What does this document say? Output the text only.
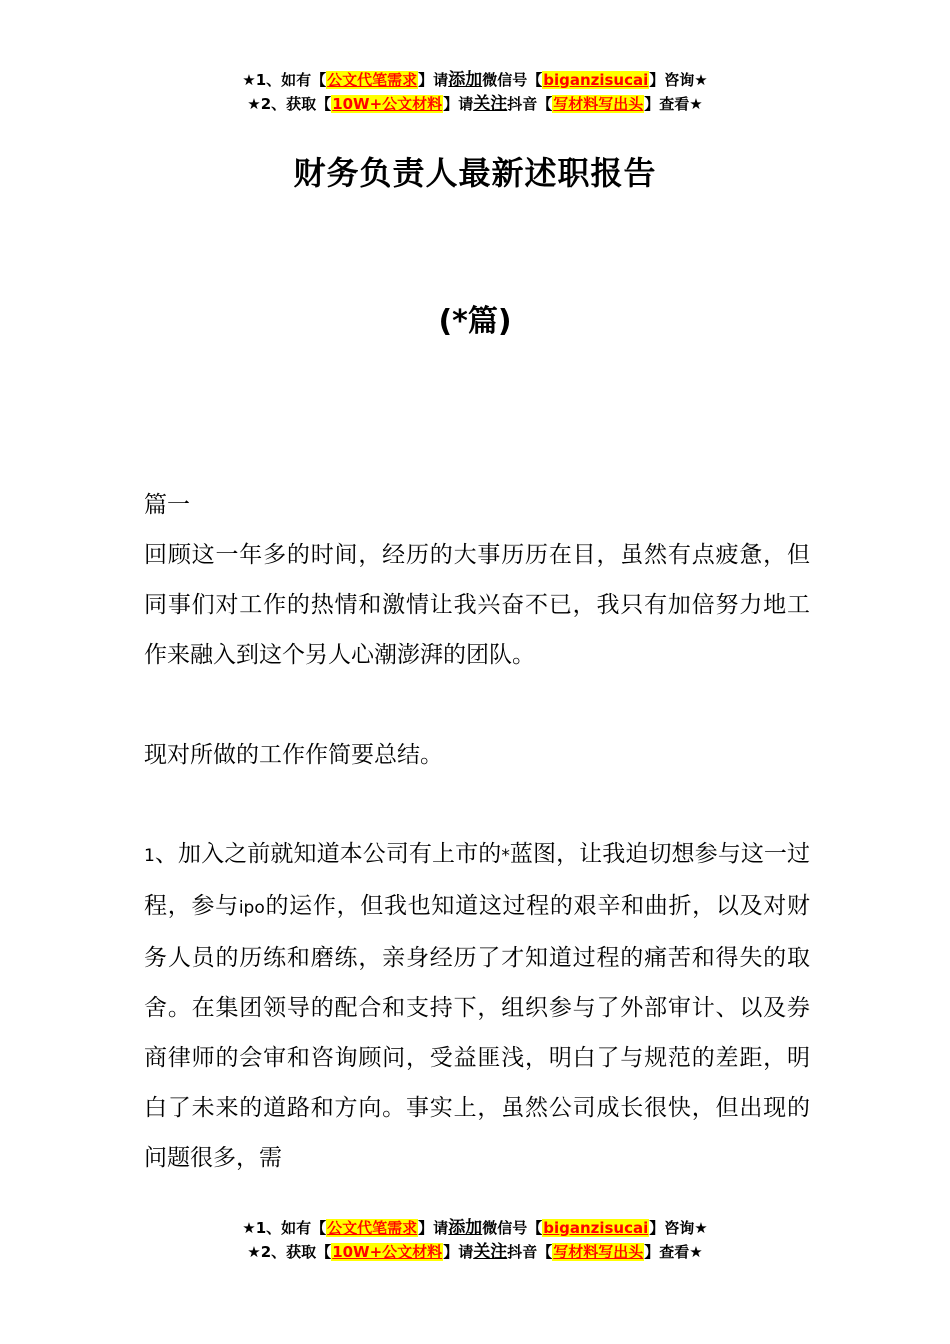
★1、如有【公文代笔需求】请添加微信号【biganzisucai】咨询★
★2、获取【10W+公文材料】请关注抖音【写材料写出头】查看★
财务负责人最新述职报告
(*篇)
篇一
回顾这一年多的时间，经历的大事历历在目，虽然有点疲惫，但同事们对工作的热情和激情让我兴奋不已，我只有加倍努力地工作来融入到这个另人心潮澎湃的团队。
现对所做的工作作简要总结。
1、加入之前就知道本公司有上市的*蓝图，让我迫切想参与这一过程，参与ipo的运作，但我也知道这过程的艰辛和曲折，以及对财务人员的历练和磨练，亲身经历了才知道过程的痛苦和得失的取舍。在集团领导的配合和支持下，组织参与了外部审计、以及券商律师的会审和咨询顾问，受益匪浅，明白了与规范的差距，明白了未来的道路和方向。事实上，虽然公司成长很快，但出现的问题很多，需
★1、如有【公文代笔需求】请添加微信号【biganzisucai】咨询★
★2、获取【10W+公文材料】请关注抖音【写材料写出头】查看★
